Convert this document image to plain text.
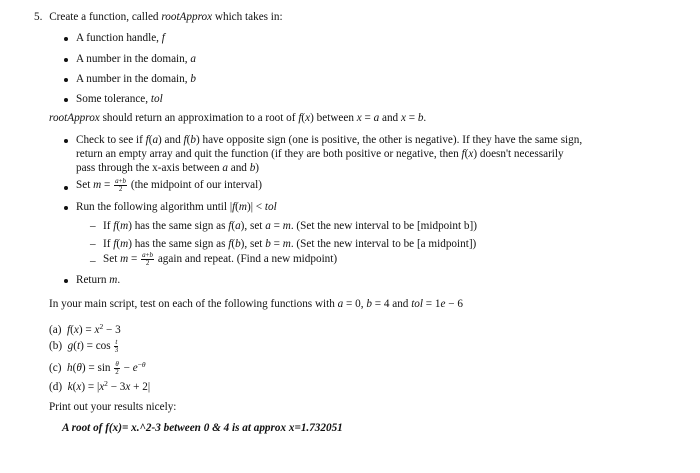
5. Create a function, called rootApprox which takes in:
A function handle, f
A number in the domain, a
A number in the domain, b
Some tolerance, tol
rootApprox should return an approximation to a root of f(x) between x = a and x = b.
Check to see if f(a) and f(b) have opposite sign (one is positive, the other is negative). If they have the same sign,
return an empty array and quit the function (if they are both positive or negative, then f(x) doesn't necessarily
pass through the x-axis between a and b)
Set $m = \frac{a+b}{2} (the$ midpoint of our interval)
Run the following algorithm until |f(m)| < tol
– If f(m) has the same sign as f(a), set a = m. (Set the new interval to be [midpoint b])
– If f(m) has the same sign as f(b), set b = m. (Set the new interval to be [a midpoint])
– Set $m = \frac{a+b}{2}$ again and repeat. (Find a new midpoint)
Return m.
In your main script, test on each of the following functions with a = 0, b = 4 and tol = 1e − 6
(a)  $f(x) = x^2 - 3$
(b)  $g(t) = \cos \frac{t}{3}$
(c)  $h(\theta) = \sin \frac{\theta}{2} - e^{-\theta}$
(d)  $k(x) = |x^2 - 3x + 2|$
Print out your results nicely:
A root of f(x)= x.^2-3 between 0 & 4 is at approx x=1.732051
